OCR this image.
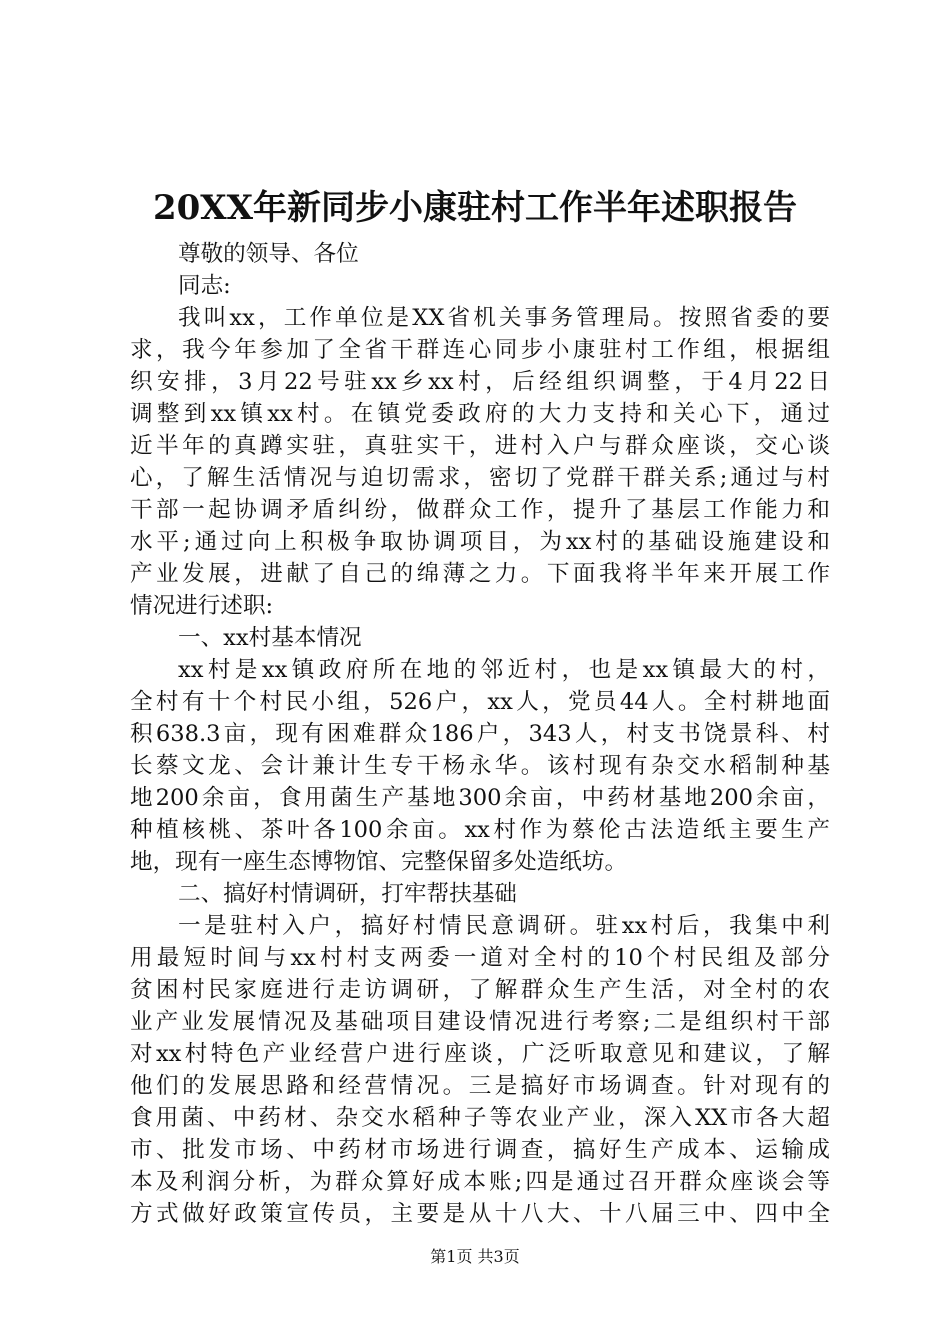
20XX年新同步小康驻村工作半年述职报告
尊敬的领导、各位
同志:
我叫xx，工作单位是XX省机关事务管理局。按照省委的要
求，我今年参加了全省干群连心同步小康驻村工作组，根据组
织安排，3月22号驻xx乡xx村，后经组织调整，于4月22日
调整到xx镇xx村。在镇党委政府的大力支持和关心下，通过
近半年的真蹲实驻，真驻实干，进村入户与群众座谈，交心谈
心，了解生活情况与迫切需求，密切了党群干群关系;通过与村
干部一起协调矛盾纠纷，做群众工作，提升了基层工作能力和
水平;通过向上积极争取协调项目，为xx村的基础设施建设和
产业发展，进献了自己的绵薄之力。下面我将半年来开展工作
情况进行述职:
一、xx村基本情况
xx村是xx镇政府所在地的邻近村，也是xx镇最大的村，
全村有十个村民小组，526户，xx人，党员44人。全村耕地面
积638.3亩，现有困难群众186户，343人，村支书饶景科、村
长蔡文龙、会计兼计生专干杨永华。该村现有杂交水稻制种基
地200余亩，食用菌生产基地300余亩，中药材基地200余亩，
种植核桃、茶叶各100余亩。xx村作为蔡伦古法造纸主要生产
地，现有一座生态博物馆、完整保留多处造纸坊。
二、搞好村情调研，打牢帮扶基础
一是驻村入户，搞好村情民意调研。驻xx村后，我集中利
用最短时间与xx村村支两委一道对全村的10个村民组及部分
贫困村民家庭进行走访调研，了解群众生产生活，对全村的农
业产业发展情况及基础项目建设情况进行考察;二是组织村干部
对xx村特色产业经营户进行座谈，广泛听取意见和建议，了解
他们的发展思路和经营情况。三是搞好市场调查。针对现有的
食用菌、中药材、杂交水稻种子等农业产业，深入XX市各大超
市、批发市场、中药材市场进行调查，搞好生产成本、运输成
本及利润分析，为群众算好成本账;四是通过召开群众座谈会等
方式做好政策宣传员，主要是从十八大、十八届三中、四中全
第1页 共3页
